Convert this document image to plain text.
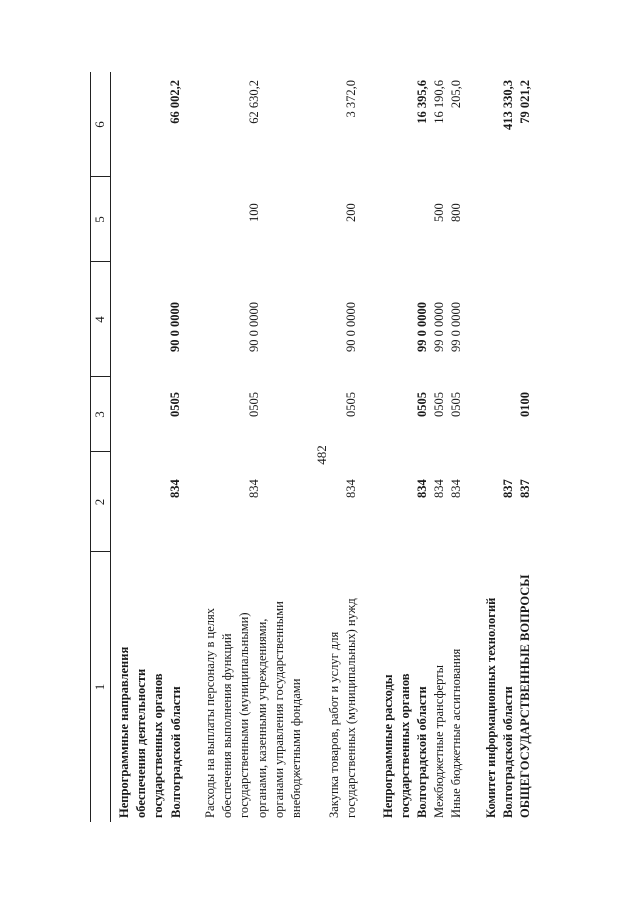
482
1
2
3
4
5
6
Непрограммные направления обеспечения деятельности государственных органов Волгоградской области
834
0505
90 0 0000
66 002,2
Расходы на выплаты персоналу в целях обеспечения выполнения функций государственными (муниципальными) органами, казенными учреждениями, органами управления государственными внебюджетными фондами
834
0505
90 0 0000
100
62 630,2
Закупка товаров, работ и услуг для государственных (муниципальных) нужд
834
0505
90 0 0000
200
3 372,0
Непрограммные расходы государственных органов Волгоградской области
834
0505
99 0 0000
16 395,6
Межбюджетные трансферты
834
0505
99 0 0000
500
16 190,6
Иные бюджетные ассигнования
834
0505
99 0 0000
800
205,0
Комитет информационных технологий Волгоградской области
837
413 330,3
ОБЩЕГОСУДАРСТВЕННЫЕ ВОПРОСЫ
837
0100
79 021,2
